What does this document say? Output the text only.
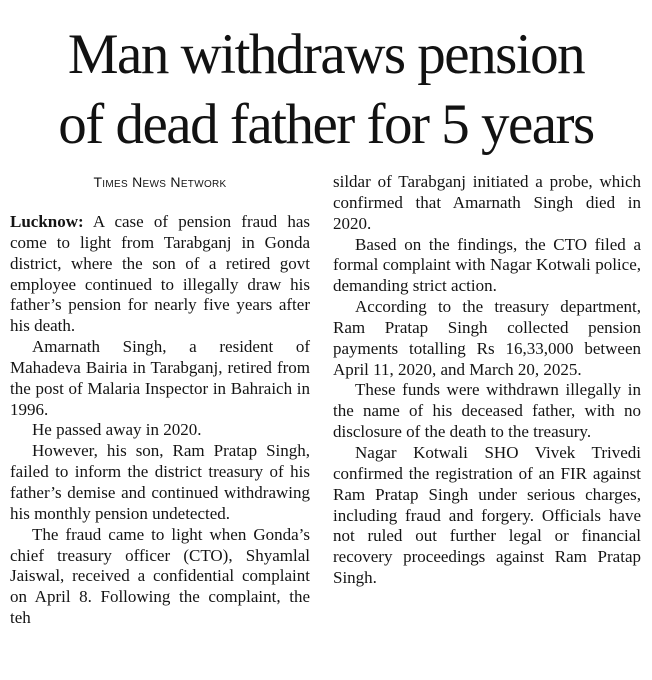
Man withdraws pension
of dead father for 5 years
Times News Network

Lucknow: A case of pension fraud has come to light from Tarabganj in Gonda district, where the son of a retired govt employee continued to illegally draw his father’s pension for nearly five years after his death.

Amarnath Singh, a resident of Mahadeva Bairia in Tarabganj, retired from the post of Malaria Inspector in Bahraich in 1996.

He passed away in 2020.

However, his son, Ram Pratap Singh, failed to inform the district treasury of his father’s demise and continued withdrawing his monthly pension undetected.

The fraud came to light when Gonda’s chief treasury officer (CTO), Shyamlal Jaiswal, received a confidential complaint on April 8. Following the complaint, the teh

sildar of Tarabganj initiated a probe, which confirmed that Amarnath Singh died in 2020.

Based on the findings, the CTO filed a formal complaint with Nagar Kotwali police, demanding strict action.

According to the treasury department, Ram Pratap Singh collected pension payments totalling Rs 16,33,000 between April 11, 2020, and March 20, 2025.

These funds were withdrawn illegally in the name of his deceased father, with no disclosure of the death to the treasury.

Nagar Kotwali SHO Vivek Trivedi confirmed the registration of an FIR against Ram Pratap Singh under serious charges, including fraud and forgery. Officials have not ruled out further legal or financial recovery proceedings against Ram Pratap Singh.
